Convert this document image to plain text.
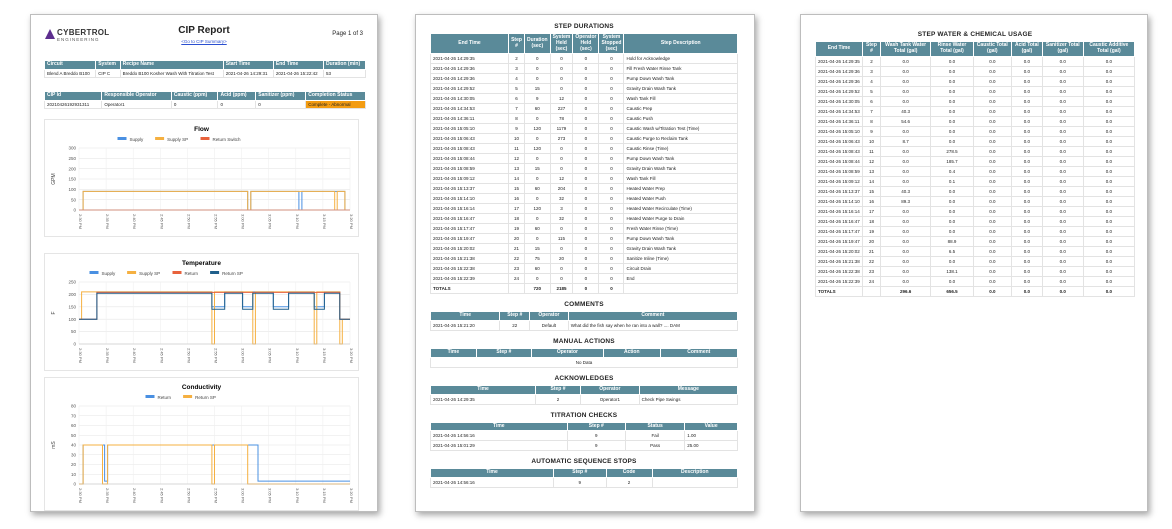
CYBERTROL
ENGINEERING
CIP Report
<Go to CIP Summary>
Page 1 of 3
Circuit	System	Recipe Name	Start Time	End Time	Duration (min)
Blend A Breddo B100	CIP C	Breddo B100 Kosher Wash With Titration Test	2021-04-26 14:29:31	2021-04-26 15:22:42	53
CIP Id	Responsible Operator	Caustic (ppm)	Acid (ppm)	Sanitizer (ppm)	Completion Status
20210426192931311	Operator1	0	0	0	Complete - Abnormal
Flow
Supply	Supply SP	Return Switch
0
50
100
150
200
250
300
2:30 PM	2:35 PM	2:40 PM	2:45 PM	2:50 PM	2:55 PM	3:00 PM	3:05 PM	3:10 PM	3:15 PM	3:20 PM
GPM
Temperature
Supply	Supply SP	Return	Return SP
0
50
100
150
200
250
2:30 PM	2:35 PM	2:40 PM	2:45 PM	2:50 PM	2:55 PM	3:00 PM	3:05 PM	3:10 PM	3:15 PM	3:20 PM
F
Conductivity
Return	Return SP
0
10
20
30
40
50
60
70
80
2:30 PM	2:35 PM	2:40 PM	2:45 PM	2:50 PM	2:55 PM	3:00 PM	3:05 PM	3:10 PM	3:15 PM	3:20 PM
mS
STEP DURATIONS
End Time	Step #	Duration (sec)	System Held (sec)	Operator Held (sec)	System Stopped (sec)	Step Description
2021-04-26 14:29:35	2	0	0	0	0	Hold for Acknowledge
2021-04-26 14:29:36	3	0	0	0	0	Fill Fresh Water Rinse Tank
2021-04-26 14:29:36	4	0	0	0	0	Pump Down Wash Tank
2021-04-26 14:29:52	5	15	0	0	0	Gravity Drain Wash Tank
2021-04-26 14:30:05	6	9	12	0	0	Wash Tank Fill
2021-04-26 14:34:53	7	60	227	0	0	Caustic Prep
2021-04-26 14:36:11	8	0	78	0	0	Caustic Push
2021-04-26 15:05:10	9	120	1179	0	0	Caustic Wash w/Titration Test (Time)
2021-04-26 15:06:43	10	0	273	0	0	Caustic Purge to Reclaim Tank
2021-04-26 15:08:43	11	120	0	0	0	Caustic Rinse (Time)
2021-04-26 15:08:44	12	0	0	0	0	Pump Down Wash Tank
2021-04-26 15:08:59	13	15	0	0	0	Gravity Drain Wash Tank
2021-04-26 15:09:12	14	0	12	0	0	Wash Tank Fill
2021-04-26 15:13:37	15	60	204	0	0	Heated Water Prep
2021-04-26 15:14:10	16	0	32	0	0	Heated Water Push
2021-04-26 15:16:14	17	120	3	0	0	Heated Water Recirculate (Time)
2021-04-26 15:16:47	18	0	32	0	0	Heated Water Purge to Drain
2021-04-26 15:17:47	19	60	0	0	0	Fresh Water Rinse (Time)
2021-04-26 15:19:47	20	0	115	0	0	Pump Down Wash Tank
2021-04-26 15:20:02	21	15	0	0	0	Gravity Drain Wash Tank
2021-04-26 15:21:38	22	75	20	0	0	Sanitize Inline (Time)
2021-04-26 15:22:38	23	60	0	0	0	Circuit Drain
2021-04-26 15:22:39	24	0	0	0	0	End
TOTALS		720	2185	0	0	
COMMENTS
Time	Step #	Operator	Comment
2021-04-26 15:21:20	22	Default	What did the fish say when he ran into a wall? .... DAM
MANUAL ACTIONS
Time	Step #	Operator	Action	Comment
No Data
ACKNOWLEDGES
Time	Step #	Operator	Message
2021-04-26 14:29:35	2	Operator1	Check Pipe Swings
TITRATION CHECKS
Time	Step #	Status	Value
2021-04-26 14:56:16	9	Fail	1.00
2021-04-26 15:01:29	9	Pass	25.00
AUTOMATIC SEQUENCE STOPS
Time	Step #	Code	Description
2021-04-26 14:56:16	9	2	
STEP WATER & CHEMICAL USAGE
End Time	Step #	Wash Tank Water Total (gal)	Rinse Water Total (gal)	Caustic Total (gal)	Acid Total (gal)	Sanitizer Total (gal)	Caustic Additive Total (gal)
2021-04-26 14:29:35	2	0.0	0.0	0.0	0.0	0.0	0.0
2021-04-26 14:29:36	3	0.0	0.0	0.0	0.0	0.0	0.0
2021-04-26 14:29:36	4	0.0	0.0	0.0	0.0	0.0	0.0
2021-04-26 14:29:52	5	0.0	0.0	0.0	0.0	0.0	0.0
2021-04-26 14:30:05	6	0.0	0.0	0.0	0.0	0.0	0.0
2021-04-26 14:34:53	7	40.3	0.0	0.0	0.0	0.0	0.0
2021-04-26 14:36:11	8	54.6	0.0	0.0	0.0	0.0	0.0
2021-04-26 15:05:10	9	0.0	0.0	0.0	0.0	0.0	0.0
2021-04-26 15:06:43	10	8.7	0.0	0.0	0.0	0.0	0.0
2021-04-26 15:08:43	11	0.0	278.5	0.0	0.0	0.0	0.0
2021-04-26 15:08:44	12	0.0	185.7	0.0	0.0	0.0	0.0
2021-04-26 15:08:59	13	0.0	0.4	0.0	0.0	0.0	0.0
2021-04-26 15:09:12	14	0.0	0.1	0.0	0.0	0.0	0.0
2021-04-26 15:13:37	15	40.3	0.0	0.0	0.0	0.0	0.0
2021-04-26 15:14:10	16	89.3	0.0	0.0	0.0	0.0	0.0
2021-04-26 15:16:14	17	0.0	0.0	0.0	0.0	0.0	0.0
2021-04-26 15:16:47	18	0.0	0.0	0.0	0.0	0.0	0.0
2021-04-26 15:17:47	19	0.0	0.0	0.0	0.0	0.0	0.0
2021-04-26 15:19:47	20	0.0	88.9	0.0	0.0	0.0	0.0
2021-04-26 15:20:02	21	0.0	6.5	0.0	0.0	0.0	0.0
2021-04-26 15:21:38	22	0.0	0.0	0.0	0.0	0.0	0.0
2021-04-26 15:22:38	23	0.0	138.1	0.0	0.0	0.0	0.0
2021-04-26 15:22:39	24	0.0	0.0	0.0	0.0	0.0	0.0
TOTALS		296.6	656.5	0.0	0.0	0.0	0.0
